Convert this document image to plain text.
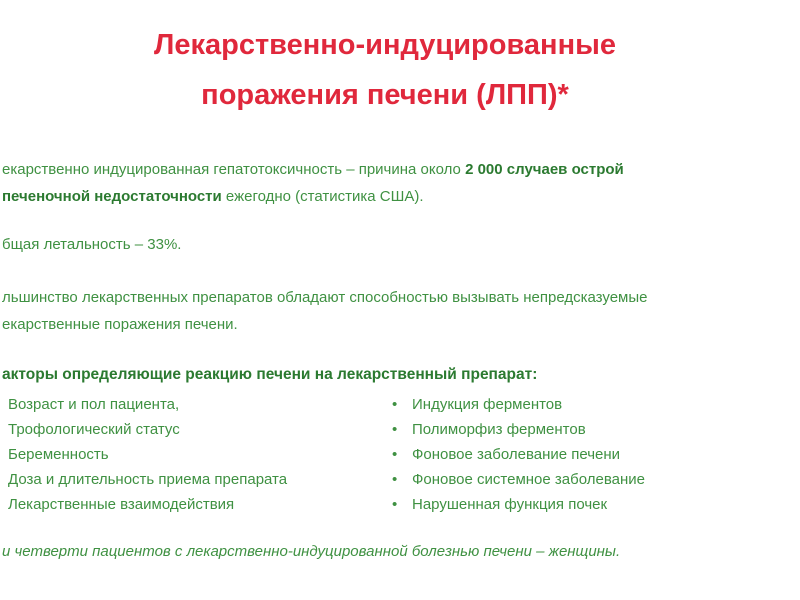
Лекарственно-индуцированные
поражения печени (ЛПП)*
екарственно индуцированная гепатотоксичность – причина около 2 000 случаев острой
печеночной недостаточности ежегодно (статистика США).
бщая летальность – 33%.
льшинство лекарственных препаратов обладают способностью вызывать непредсказуемые
екарственные поражения печени.
акторы определяющие реакцию печени на лекарственный препарат:
Возраст и пол пациента,
Трофологический статус
Беременность
Доза и длительность приема препарата
Лекарственные взаимодействия
•
•
•
•
•
Индукция ферментов
Полиморфиз ферментов
Фоновое заболевание печени
Фоновое системное заболевание
Нарушенная функция почек
и четверти пациентов с лекарственно-индуцированной болезнью печени – женщины.
